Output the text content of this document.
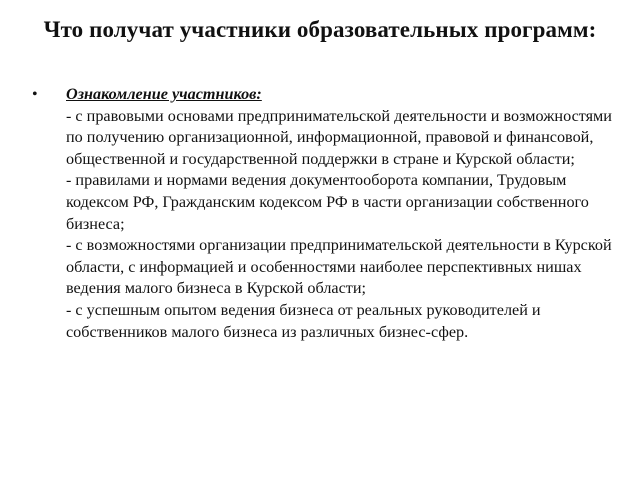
Что получат участники образовательных программ:
•	Ознакомление участников:
- с правовыми основами предпринимательской деятельности и возможностями по получению организационной, информационной, правовой и финансовой, общественной и государственной поддержки в стране и Курской области;
- правилами и нормами ведения документооборота компании, Трудовым кодексом РФ, Гражданским кодексом РФ в части организации собственного бизнеса;
- с возможностями организации предпринимательской деятельности в Курской области, с информацией и особенностями наиболее перспективных нишах ведения малого бизнеса в Курской области;
- с успешным опытом ведения бизнеса от реальных руководителей и собственников малого бизнеса из различных бизнес-сфер.
